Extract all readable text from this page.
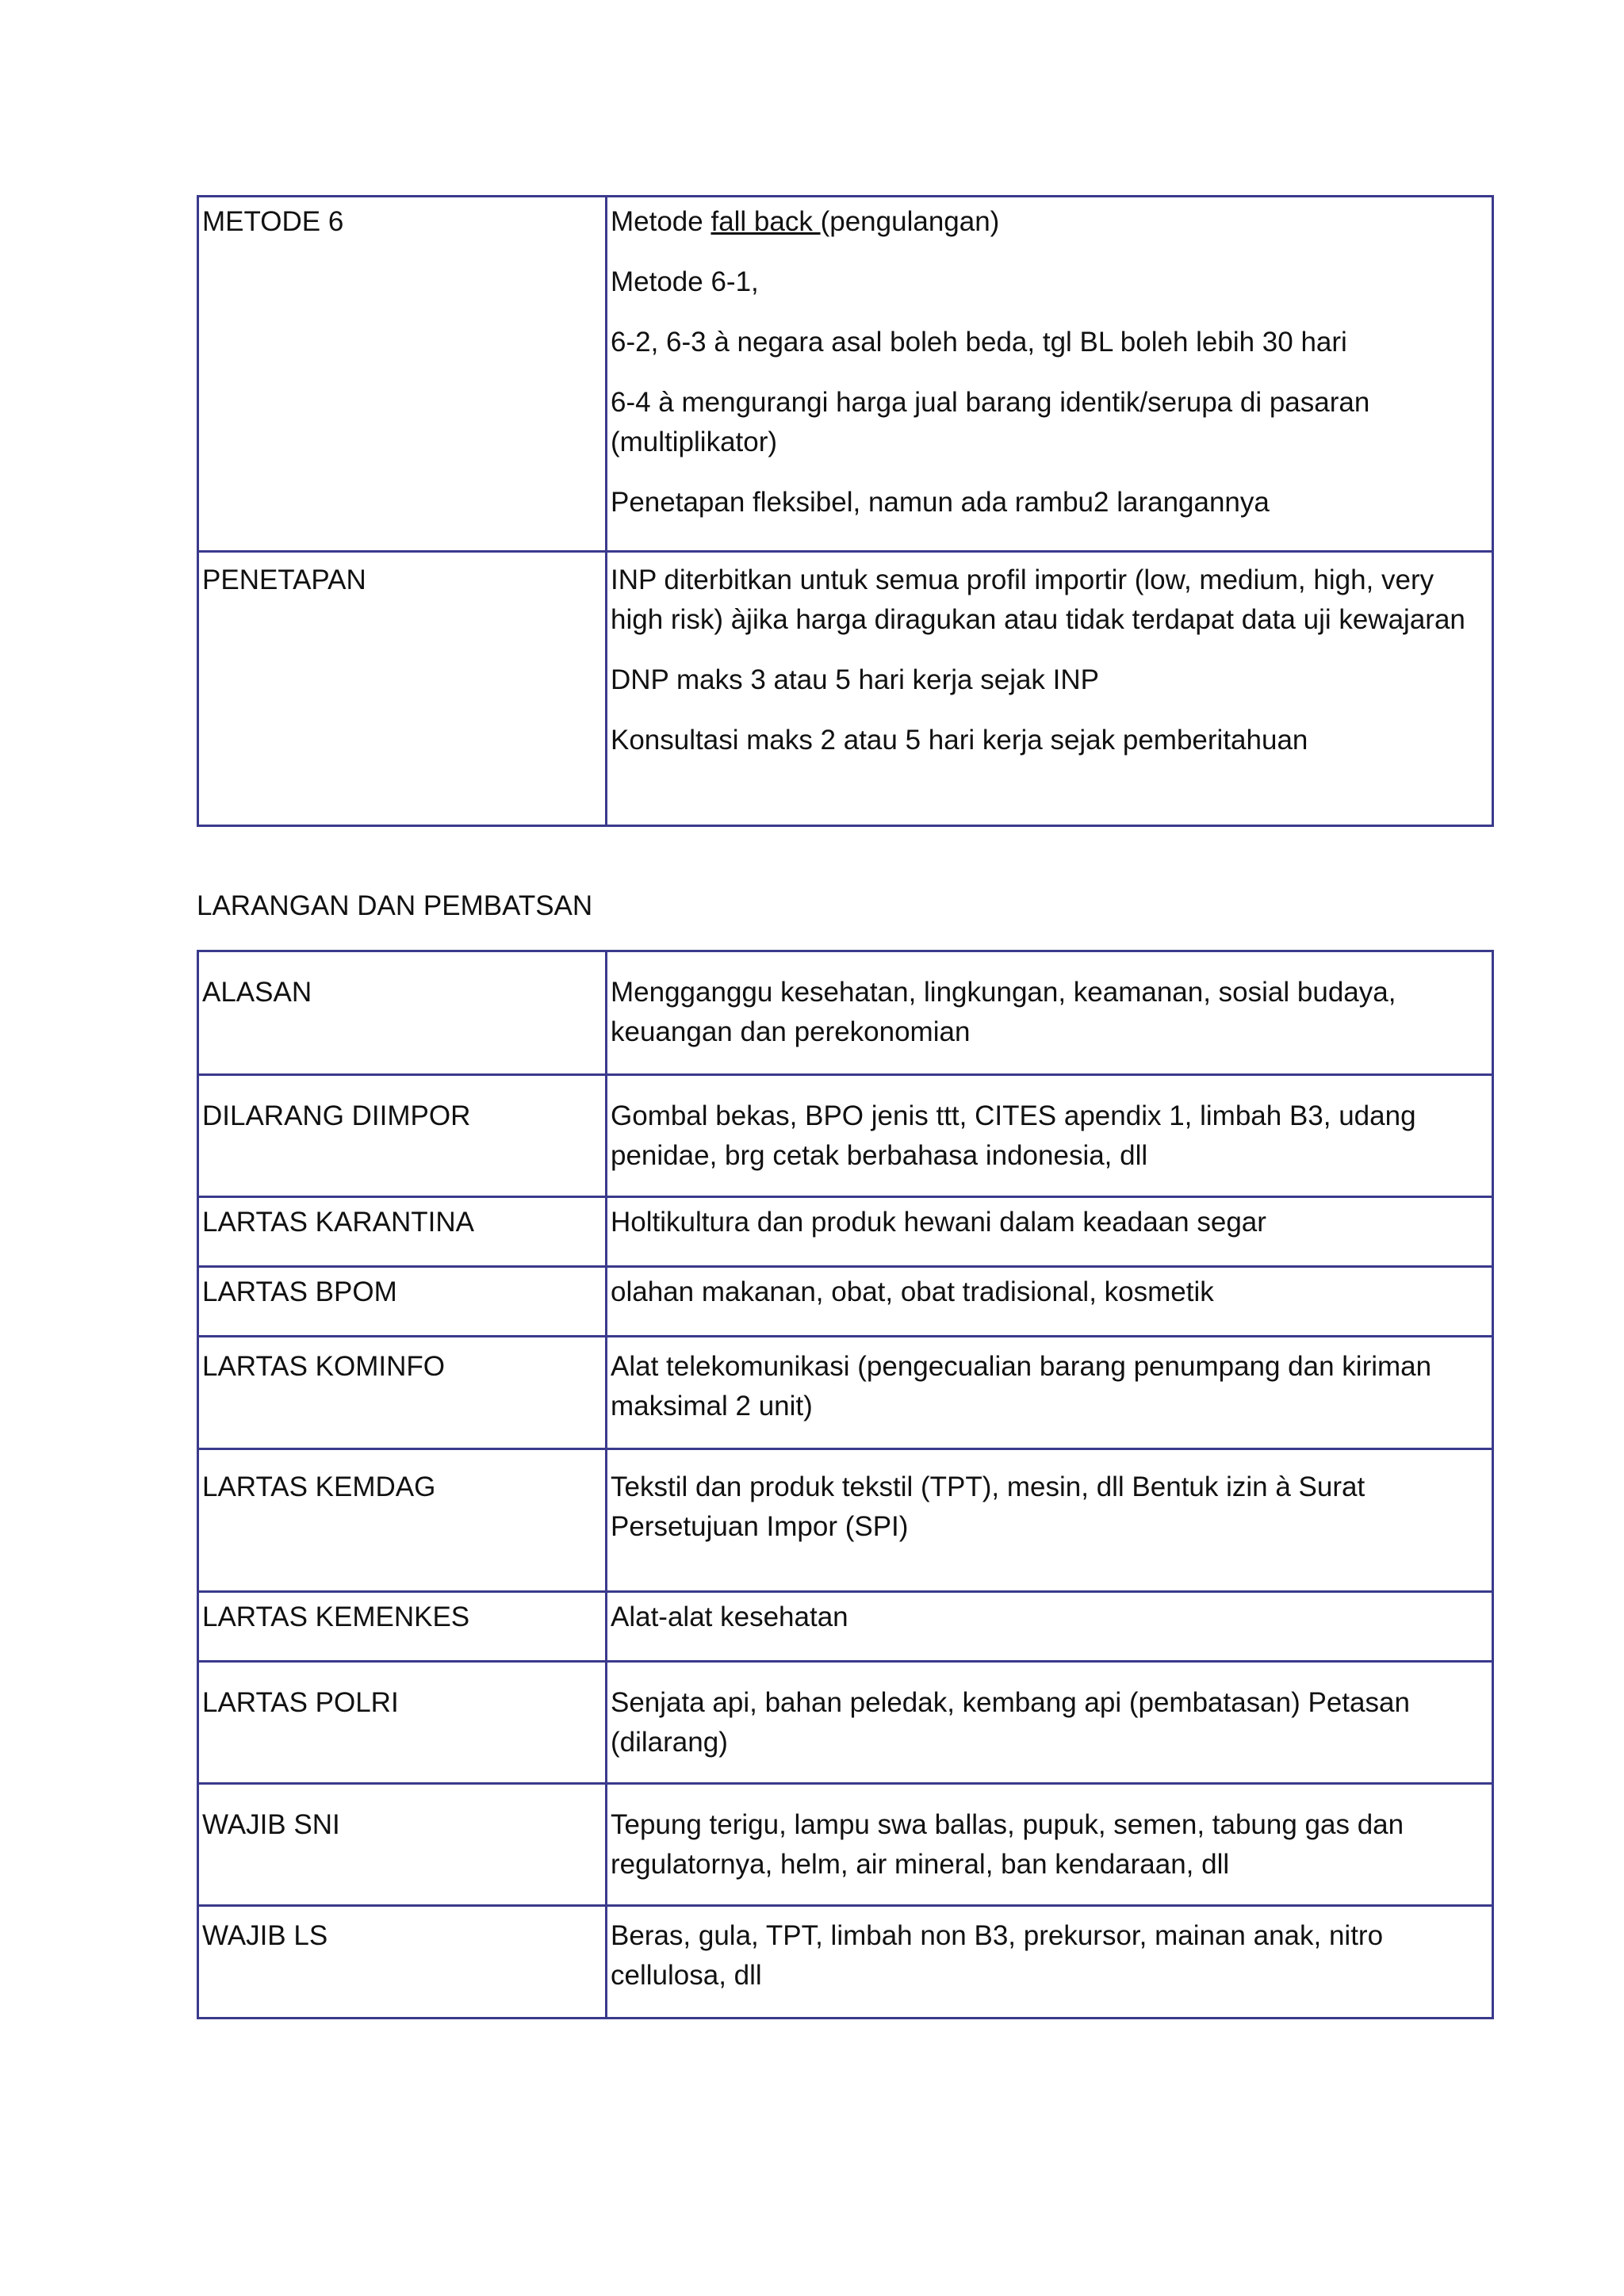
METODE 6	Metode fall back (pengulangan)

Metode 6-1,

6-2, 6-3 à negara asal boleh beda, tgl BL boleh lebih 30 hari

6-4 à mengurangi harga jual barang identik/serupa di pasaran (multiplikator)

Penetapan fleksibel, namun ada rambu2 larangannya

PENETAPAN	INP diterbitkan untuk semua profil importir (low, medium, high, very high risk) àjika harga diragukan atau tidak terdapat data uji kewajaran

DNP maks 3 atau 5 hari kerja sejak INP

Konsultasi maks 2 atau 5 hari kerja sejak pemberitahuan

LARANGAN DAN PEMBATSAN

ALASAN	Mengganggu kesehatan, lingkungan, keamanan, sosial budaya, keuangan dan perekonomian
DILARANG DIIMPOR	Gombal bekas, BPO jenis ttt, CITES apendix 1, limbah B3, udang penidae, brg cetak berbahasa indonesia, dll
LARTAS KARANTINA	Holtikultura dan produk hewani dalam keadaan segar
LARTAS BPOM	olahan makanan, obat, obat tradisional, kosmetik
LARTAS KOMINFO	Alat telekomunikasi (pengecualian barang penumpang dan kiriman maksimal 2 unit)
LARTAS KEMDAG	Tekstil dan produk tekstil (TPT), mesin, dll Bentuk izin à Surat Persetujuan Impor (SPI)
LARTAS KEMENKES	Alat-alat kesehatan
LARTAS POLRI	Senjata api, bahan peledak, kembang api (pembatasan) Petasan (dilarang)
WAJIB SNI	Tepung terigu, lampu swa ballas, pupuk, semen, tabung gas dan regulatornya, helm, air mineral, ban kendaraan, dll
WAJIB LS	Beras, gula, TPT, limbah non B3, prekursor, mainan anak, nitro cellulosa, dll
